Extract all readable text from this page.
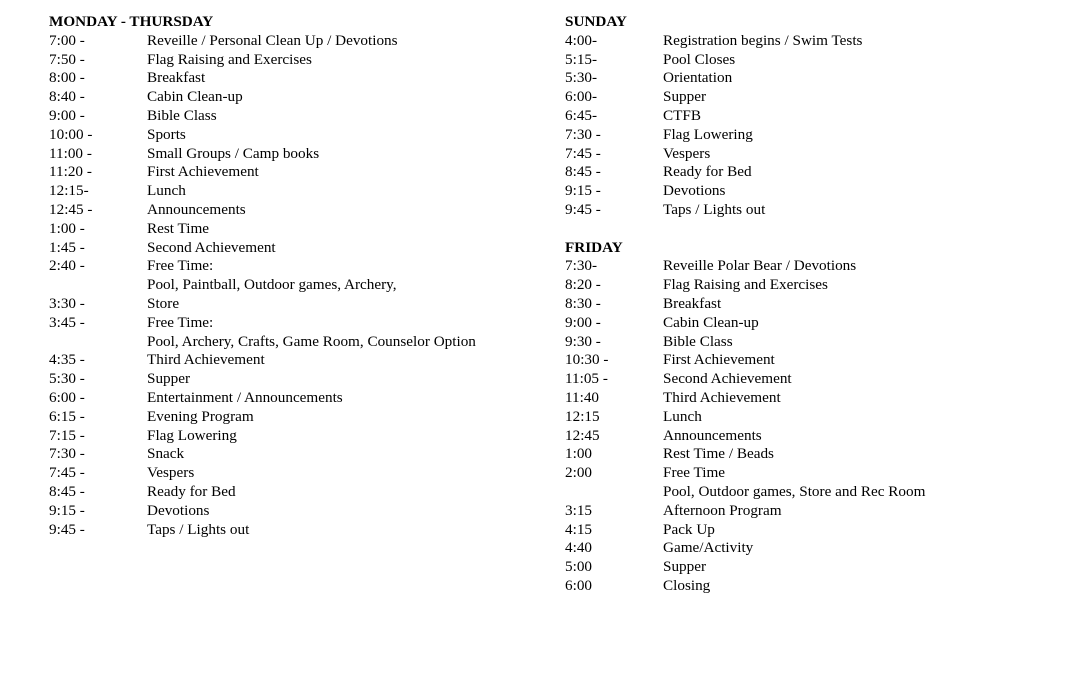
MONDAY - THURSDAY
7:00 -	Reveille / Personal Clean Up / Devotions
7:50 -	Flag Raising and Exercises
8:00 -	Breakfast
8:40 -	Cabin Clean-up
9:00 -	Bible Class
10:00 -	Sports
11:00 -	Small Groups / Camp books
11:20 -	First Achievement
12:15-	Lunch
12:45 -	Announcements
1:00 -	Rest Time
1:45 -	Second Achievement
2:40 -	Free Time:
Pool, Paintball, Outdoor games, Archery,
3:30 -	Store
3:45 -	Free Time:
Pool, Archery, Crafts, Game Room, Counselor Option
4:35 -	Third Achievement
5:30 -	Supper
6:00 -	Entertainment / Announcements
6:15 -	Evening Program
7:15 -	Flag Lowering
7:30 -	Snack
7:45 -	Vespers
8:45 -	Ready for Bed
9:15 -	Devotions
9:45 -	Taps / Lights out
SUNDAY
4:00-	Registration begins / Swim Tests
5:15-	Pool Closes
5:30-	Orientation
6:00-	Supper
6:45-	CTFB
7:30 -	Flag Lowering
7:45 -	Vespers
8:45 -	Ready for Bed
9:15 -	Devotions
9:45 -	Taps / Lights out
FRIDAY
7:30-	Reveille Polar Bear / Devotions
8:20 -	Flag Raising and Exercises
8:30 -	Breakfast
9:00 -	Cabin Clean-up
9:30 -	Bible Class
10:30 -	First Achievement
11:05 -	Second Achievement
11:40	Third Achievement
12:15	Lunch
12:45	Announcements
1:00	Rest Time / Beads
2:00	Free Time
Pool, Outdoor games, Store and Rec Room
3:15	Afternoon Program
4:15	Pack Up
4:40	Game/Activity
5:00	Supper
6:00	Closing
